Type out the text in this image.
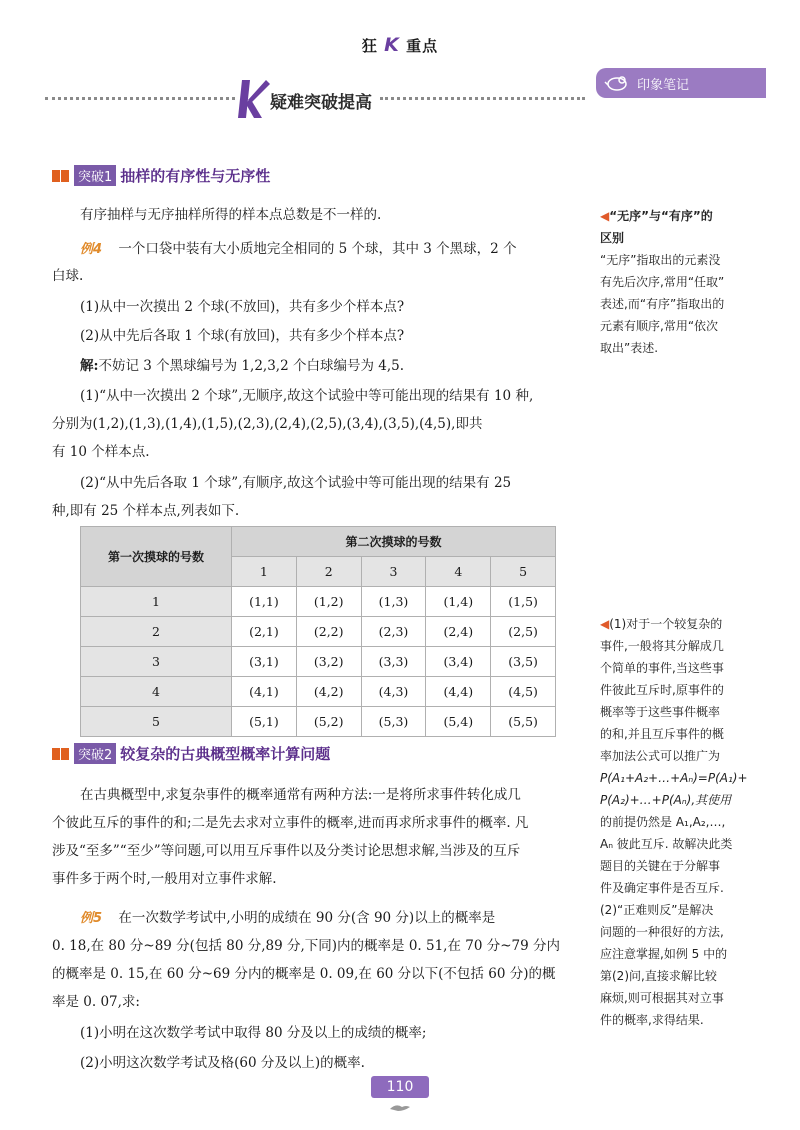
狂 K 重点
疑难突破提高
印象笔记
突破1 抽样的有序性与无序性
有序抽样与无序抽样所得的样本点总数是不一样的.
例4 一个口袋中装有大小质地完全相同的 5 个球，其中 3 个黑球，2 个
白球.
(1)从中一次摸出 2 个球(不放回)，共有多少个样本点?
(2)从中先后各取 1 个球(有放回)，共有多少个样本点?
解:不妨记 3 个黑球编号为 1,2,3,2 个白球编号为 4,5.
(1)“从中一次摸出 2 个球”,无顺序,故这个试验中等可能出现的结果有 10 种,
分别为(1,2),(1,3),(1,4),(1,5),(2,3),(2,4),(2,5),(3,4),(3,5),(4,5),即共
有 10 个样本点.
(2)“从中先后各取 1 个球”,有顺序,故这个试验中等可能出现的结果有 25
种,即有 25 个样本点,列表如下.
第一次摸球的号数	第二次摸球的号数				
	1	2	3	4	5
1	(1,1)	(1,2)	(1,3)	(1,4)	(1,5)
2	(2,1)	(2,2)	(2,3)	(2,4)	(2,5)
3	(3,1)	(3,2)	(3,3)	(3,4)	(3,5)
4	(4,1)	(4,2)	(4,3)	(4,4)	(4,5)
5	(5,1)	(5,2)	(5,3)	(5,4)	(5,5)
突破2 较复杂的古典概型概率计算问题
在古典概型中,求复杂事件的概率通常有两种方法:一是将所求事件转化成几
个彼此互斥的事件的和;二是先去求对立事件的概率,进而再求所求事件的概率. 凡
涉及“至多”“至少”等问题,可以用互斥事件以及分类讨论思想求解,当涉及的互斥
事件多于两个时,一般用对立事件求解.
例5 在一次数学考试中,小明的成绩在 90 分(含 90 分)以上的概率是
0. 18,在 80 分~89 分(包括 80 分,89 分,下同)内的概率是 0. 51,在 70 分~79 分内
的概率是 0. 15,在 60 分~69 分内的概率是 0. 09,在 60 分以下(不包括 60 分)的概
率是 0. 07,求:
(1)小明在这次数学考试中取得 80 分及以上的成绩的概率;
(2)小明这次数学考试及格(60 分及以上)的概率.
◀“无序”与“有序”的
区别
“无序”指取出的元素没
有先后次序,常用“任取”
表述,而“有序”指取出的
元素有顺序,常用“依次
取出”表述.
◀(1)对于一个较复杂的
事件,一般将其分解成几
个简单的事件,当这些事
件彼此互斥时,原事件的
概率等于这些事件概率
的和,并且互斥事件的概
率加法公式可以推广为
P(A₁+A₂+…+Aₙ)=P(A₁)+
P(A₂)+…+P(Aₙ),其使用
的前提仍然是 A₁,A₂,…,
Aₙ 彼此互斥. 故解决此类
题目的关键在于分解事
件及确定事件是否互斥.
(2)“正难则反”是解决
问题的一种很好的方法,
应注意掌握,如例 5 中的
第(2)问,直接求解比较
麻烦,则可根据其对立事
件的概率,求得结果.
110
